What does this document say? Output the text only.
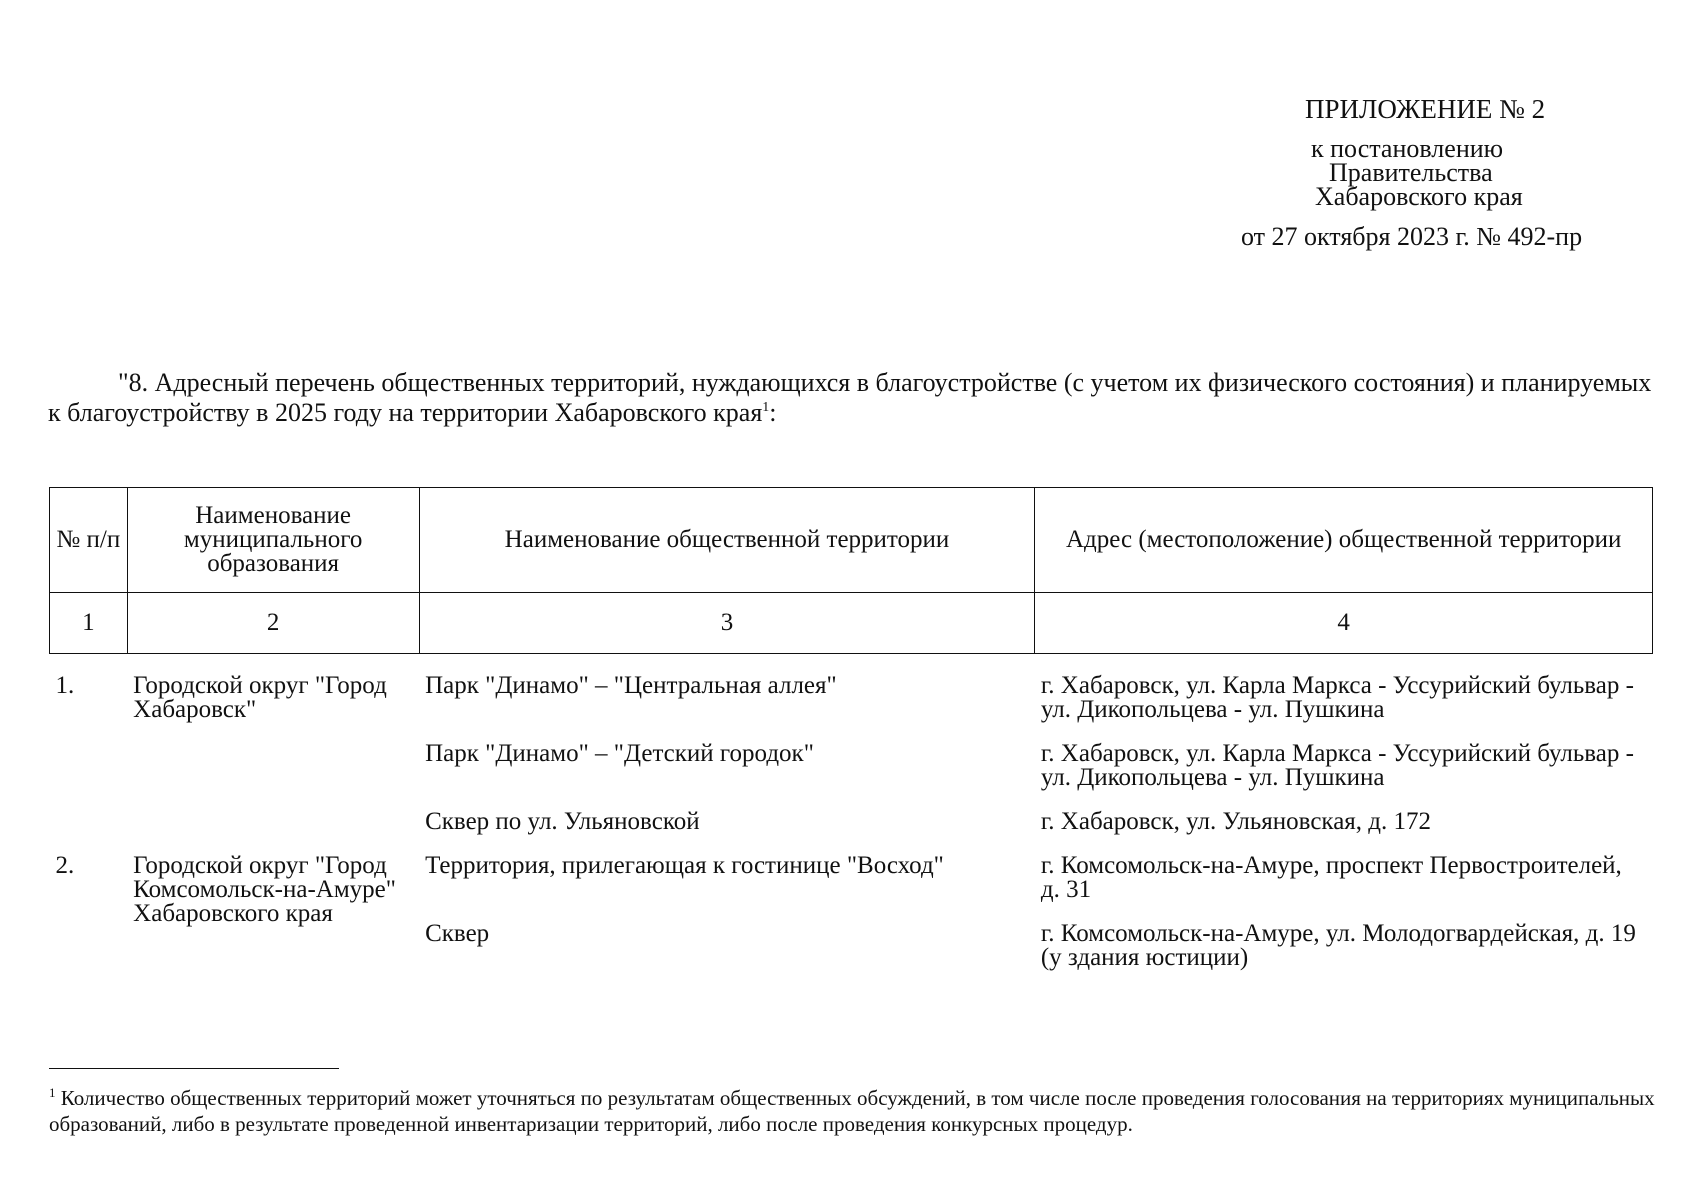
ПРИЛОЖЕНИЕ № 2
к постановлению
Правительства
Хабаровского края
от 27 октября 2023 г. № 492-пр
"8. Адресный перечень общественных территорий, нуждающихся в благоустройстве (с учетом их физического состояния) и планируемых к благоустройству в 2025 году на территории Хабаровского края$^1$:
№ п/п	Наименование муниципального образования	Наименование общественной территории	Адрес (местоположение) общественной территории
1	2	3	4

1.	Городской округ "Город Хабаровск"	Парк "Динамо" – "Центральная аллея"	г. Хабаровск, ул. Карла Маркса - Уссурийский бульвар - ул. Дикопольцева - ул. Пушкина

		Парк "Динамо" – "Детский городок"	г. Хабаровск, ул. Карла Маркса - Уссурийский бульвар - ул. Дикопольцева - ул. Пушкина

		Сквер по ул. Ульяновской	г. Хабаровск, ул. Ульяновская, д. 172

2.	Городской округ "Город Комсомольск-на-Амуре" Хабаровского края	Территория, прилегающая к гостинице "Восход"	г. Комсомольск-на-Амуре, проспект Первостроителей, д. 31

		Сквер	г. Комсомольск-на-Амуре, ул. Молодогвардейская, д. 19 (у здания юстиции)
$^1$ Количество общественных территорий может уточняться по результатам общественных обсуждений, в том числе после проведения голосования на территориях муниципальных образований, либо в результате проведенной инвентаризации территорий, либо после проведения конкурсных процедур.
